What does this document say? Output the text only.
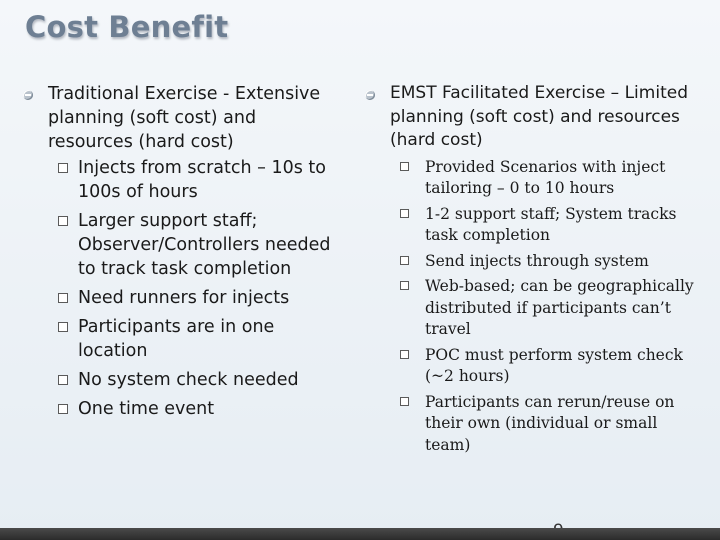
Cost Benefit
Traditional Exercise - Extensive planning (soft cost) and resources (hard cost)
Injects from scratch – 10s to 100s of hours
Larger support staff; Observer/Controllers needed to track task completion
Need runners for injects
Participants are in one location
No system check needed
One time event
EMST Facilitated Exercise – Limited planning (soft cost) and resources (hard cost)
Provided Scenarios with inject tailoring – 0 to 10 hours
1-2 support staff; System tracks task completion
Send injects through system
Web-based; can be geographically distributed if participants can’t travel
POC must perform system check (~2 hours)
Participants can rerun/reuse on their own (individual or small team)
